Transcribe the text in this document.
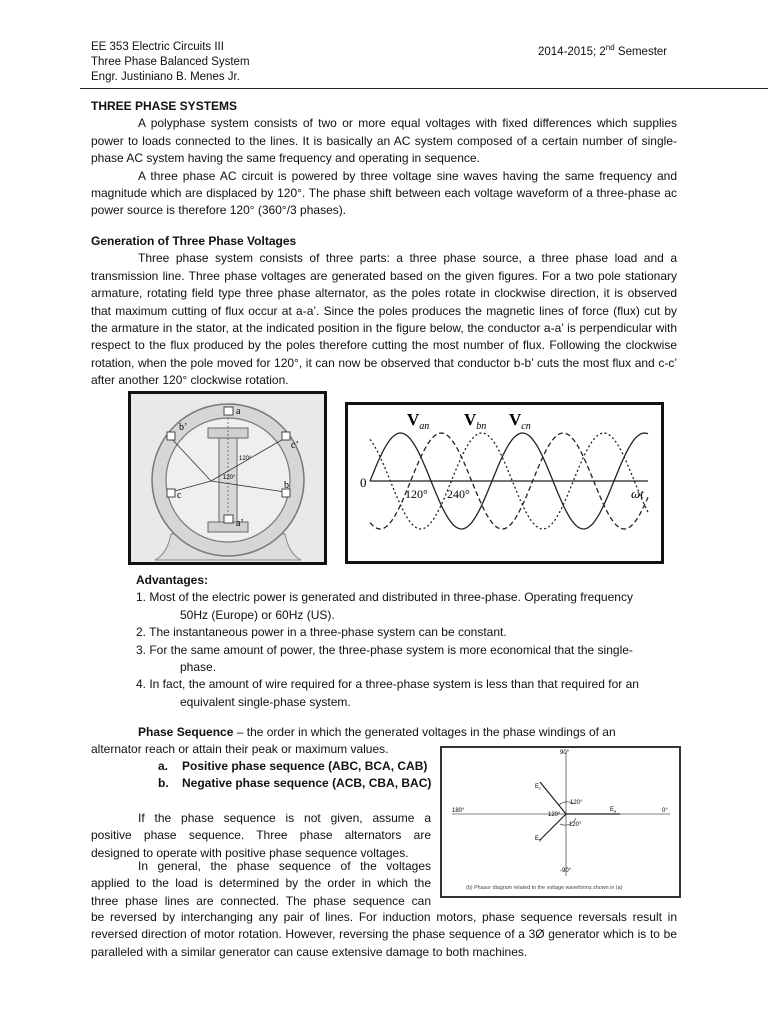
EE 353 Electric Circuits III
Three Phase Balanced System
Engr. Justiniano B. Menes Jr.
2014-2015; 2nd Semester

THREE PHASE SYSTEMS

A polyphase system consists of two or more equal voltages with fixed differences which supplies power to loads connected to the lines. It is basically an AC system composed of a certain number of single-phase AC system having the same frequency and operating in sequence.

A three phase AC circuit is powered by three voltage sine waves having the same frequency and magnitude which are displaced by 120°. The phase shift between each voltage waveform of a three-phase ac power source is therefore 120° (360°/3 phases).

Generation of Three Phase Voltages

Three phase system consists of three parts: a three phase source, a three phase load and a transmission line. Three phase voltages are generated based on the given figures. For a two pole stationary armature, rotating field type three phase alternator, as the poles rotate in clockwise direction, it is observed that maximum cutting of flux occur at a-a’. Since the poles produces the magnetic lines of force (flux) cut by the armature in the stator, at the indicated position in the figure below, the conductor a-a’ is perpendicular with respect to the flux produced by the poles therefore cutting the most number of flux. Following the clockwise rotation, when the pole moved for 120°, it can now be observed that conductor b-b’ cuts the most flux and c-c’ after another 120° clockwise rotation.

a
a’
b
b’
c
c’
120°
120°	0
120° 240°	ωt
$V_{an}$ $V_{bn}$ $V_{cn}$
Advantages:
1. Most of the electric power is generated and distributed in three-phase. Operating frequency
50Hz (Europe) or 60Hz (US).
2. The instantaneous power in a three-phase system can be constant.
3. For the same amount of power, the three-phase system is more economical that the single-
phase.
4. In fact, the amount of wire required for a three-phase system is less than that required for an
equivalent single-phase system.

Phase Sequence – the order in which the generated voltages in the phase windings of an

alternator reach or attain their peak or maximum values.

a. Positive phase sequence (ABC, BCA, CAB)
b. Negative phase sequence (ACB, CBA, BAC)
If the phase sequence is not given, assume a
positive phase sequence. Three phase alternators are
designed to operate with positive phase sequence voltages.
In general, the phase sequence of the voltages
applied to the load is determined by the order in which the
three phase lines are connected. The phase sequence can

be reversed by interchanging any pair of lines. For induction motors, phase sequence reversals result in reversed direction of motor rotation. However, reversing the phase sequence of a 3Ø generator which is to be paralleled with a similar generator can cause extensive damage to both machines.

90°
-90°
180°	0°
120°
120°
120°
$E_a$
$E_c$
$E_b$
(b) Phasor diagram related to the voltage waveforms shown in (a)
